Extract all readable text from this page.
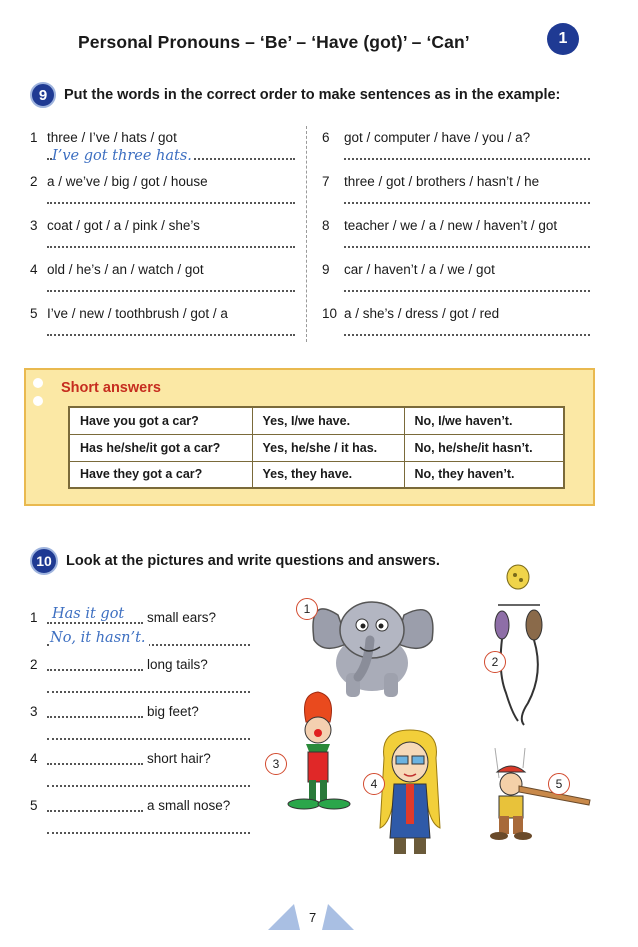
Personal Pronouns – ‘Be’ – ‘Have (got)’ – ‘Can’	1
9	Put the words in the correct order to make sentences as in the example:
1 three / I’ve / hats / got
I’ve got three hats.
2 a / we’ve / big / got / house
3 coat / got / a / pink / she’s
4 old / he’s / an / watch / got
5 I’ve / new / toothbrush / got / a
6 got / computer / have / you / a?
7 three / got / brothers / hasn’t / he
8 teacher / we / a / new / haven’t / got
9 car / haven’t / a / we / got
10 a / she’s / dress / got / red
Short answers
Have you got a car?	Yes, I/we have.	No, I/we haven’t.
Has he/she/it got a car?	Yes, he/she / it has.	No, he/she/it hasn’t.
Have they got a car?	Yes, they have.	No, they haven’t.
10 Look at the pictures and write questions and answers.
1 Has it got small ears?
No, it hasn’t.
2	long tails?
3	big feet?
4	short hair?
5	a small nose?
1
2
3
4	5
7
